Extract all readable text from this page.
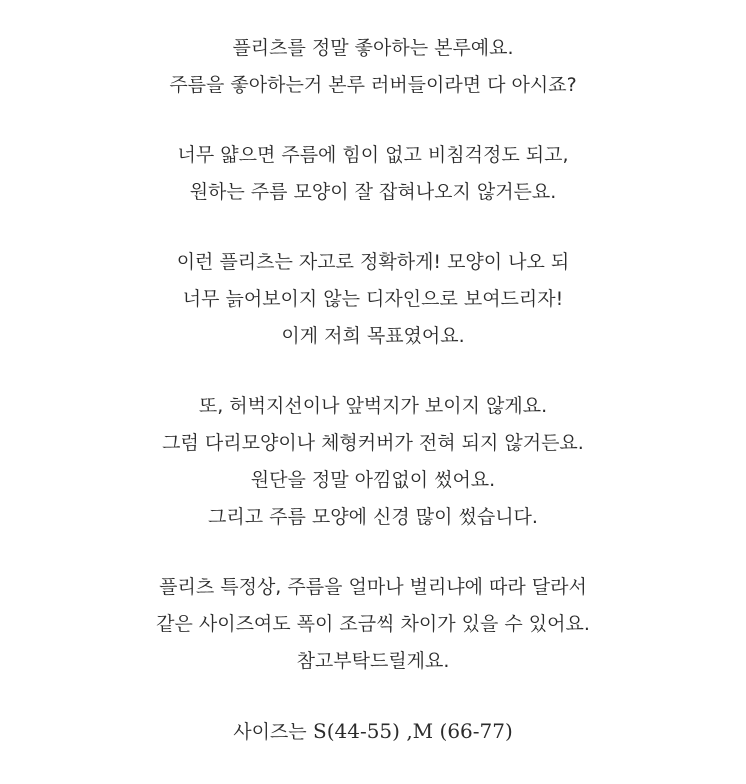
플리츠를 정말 좋아하는 본루예요.
주름을 좋아하는거 본루 러버들이라면 다 아시죠?

너무 얇으면 주름에 힘이 없고 비침걱정도 되고,
원하는 주름 모양이 잘 잡혀나오지 않거든요.

이런 플리츠는 자고로 정확하게! 모양이 나오 되
너무 늙어보이지 않는 디자인으로 보여드리자!
이게 저희 목표였어요.

또, 허벅지선이나 앞벅지가 보이지 않게요.
그럼 다리모양이나 체형커버가 전혀 되지 않거든요.
원단을 정말 아낌없이 썼어요.
그리고 주름 모양에 신경 많이 썼습니다.

플리츠 특정상, 주름을 얼마나 벌리냐에 따라 달라서
같은 사이즈여도 폭이 조금씩 차이가 있을 수 있어요.
참고부탁드릴게요.

사이즈는 S(44-55) ,M (66-77)
